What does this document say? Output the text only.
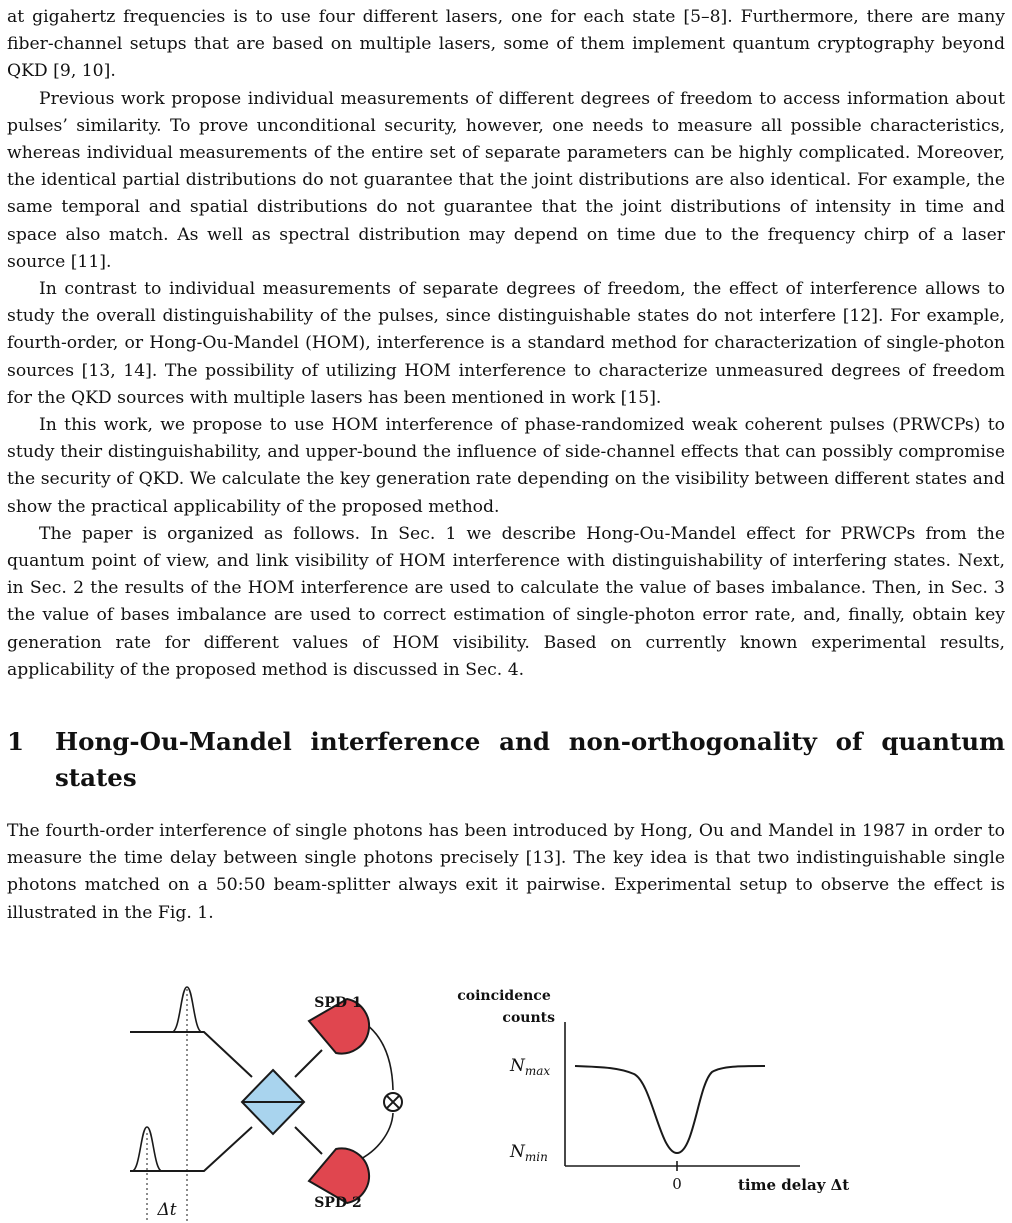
at gigahertz frequencies is to use four different lasers, one for each state [5–8]. Furthermore, there are many fiber-channel setups that are based on multiple lasers, some of them implement quantum cryptography beyond QKD [9, 10].

Previous work propose individual measurements of different degrees of freedom to access information about pulses’ similarity. To prove unconditional security, however, one needs to measure all possible characteristics, whereas individual measurements of the entire set of separate parameters can be highly complicated. Moreover, the identical partial distributions do not guarantee that the joint distributions are also identical. For example, the same temporal and spatial distributions do not guarantee that the joint distributions of intensity in time and space also match. As well as spectral distribution may depend on time due to the frequency chirp of a laser source [11].

In contrast to individual measurements of separate degrees of freedom, the effect of interference allows to study the overall distinguishability of the pulses, since distinguishable states do not interfere [12]. For example, fourth-order, or Hong-Ou-Mandel (HOM), interference is a standard method for characterization of single-photon sources [13, 14]. The possibility of utilizing HOM interference to characterize unmeasured degrees of freedom for the QKD sources with multiple lasers has been mentioned in work [15].

In this work, we propose to use HOM interference of phase-randomized weak coherent pulses (PRWCPs) to study their distinguishability, and upper-bound the influence of side-channel effects that can possibly compromise the security of QKD. We calculate the key generation rate depending on the visibility between different states and show the practical applicability of the proposed method.

The paper is organized as follows. In Sec. 1 we describe Hong-Ou-Mandel effect for PRWCPs from the quantum point of view, and link visibility of HOM interference with distinguishability of interfering states. Next, in Sec. 2 the results of the HOM interference are used to calculate the value of bases imbalance. Then, in Sec. 3 the value of bases imbalance are used to correct estimation of single-photon error rate, and, finally, obtain key generation rate for different values of HOM visibility. Based on currently known experimental results, applicability of the proposed method is discussed in Sec. 4.

1	Hong-Ou-Mandel interference and non-orthogonality of quantum states

The fourth-order interference of single photons has been introduced by Hong, Ou and Mandel in 1987 in order to measure the time delay between single photons precisely [13]. The key idea is that two indistinguishable single photons matched on a 50:50 beam-splitter always exit it pairwise. Experimental setup to observe the effect is illustrated in the Fig. 1.

SPD 1
SPD 2
Δt
coincidence
counts
$N_{max}$
$N_{min}$
0	time delay Δt
